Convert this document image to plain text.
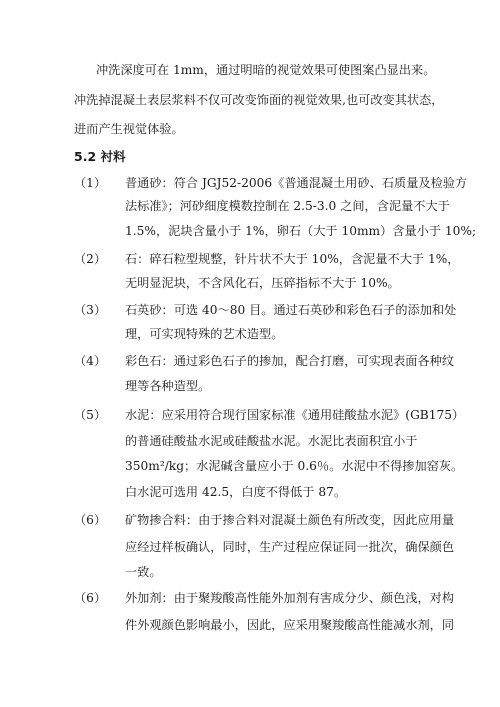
冲洗深度可在 1mm，通过明暗的视觉效果可使图案凸显出来。
冲洗掉混凝土表层浆料不仅可改变饰面的视觉效果,也可改变其状态，
进而产生视觉体验。
5.2 衬料
（1） 普通砂：符合 JGJ52-2006《普通混凝土用砂、石质量及检验方
法标准》；河砂细度模数控制在 2.5-3.0 之间，含泥量不大于
1.5%，泥块含量小于 1%，卵石（大于 10mm）含量小于 10%;
（2） 石：碎石粒型规整，针片状不大于 10%，含泥量不大于 1%，
无明显泥块，不含风化石，压碎指标不大于 10%。
（3） 石英砂：可选 40～80 目。通过石英砂和彩色石子的添加和处
理，可实现特殊的艺术造型。
（4） 彩色石：通过彩色石子的掺加，配合打磨，可实现表面各种纹
理等各种造型。
（5） 水泥：应采用符合现行国家标准《通用硅酸盐水泥》(GB175）
的普通硅酸盐水泥或硅酸盐水泥。水泥比表面积宜小于
350m²/kg；水泥碱含量应小于 0.6％。水泥中不得掺加窑灰。
白水泥可选用 42.5，白度不得低于 87。
（6） 矿物掺合料：由于掺合料对混凝土颜色有所改变，因此应用量
应经过样板确认，同时，生产过程应保证同一批次，确保颜色
一致。
（6） 外加剂：由于聚羧酸高性能外加剂有害成分少、颜色浅，对构
件外观颜色影响最小，因此，应采用聚羧酸高性能减水剂，同
